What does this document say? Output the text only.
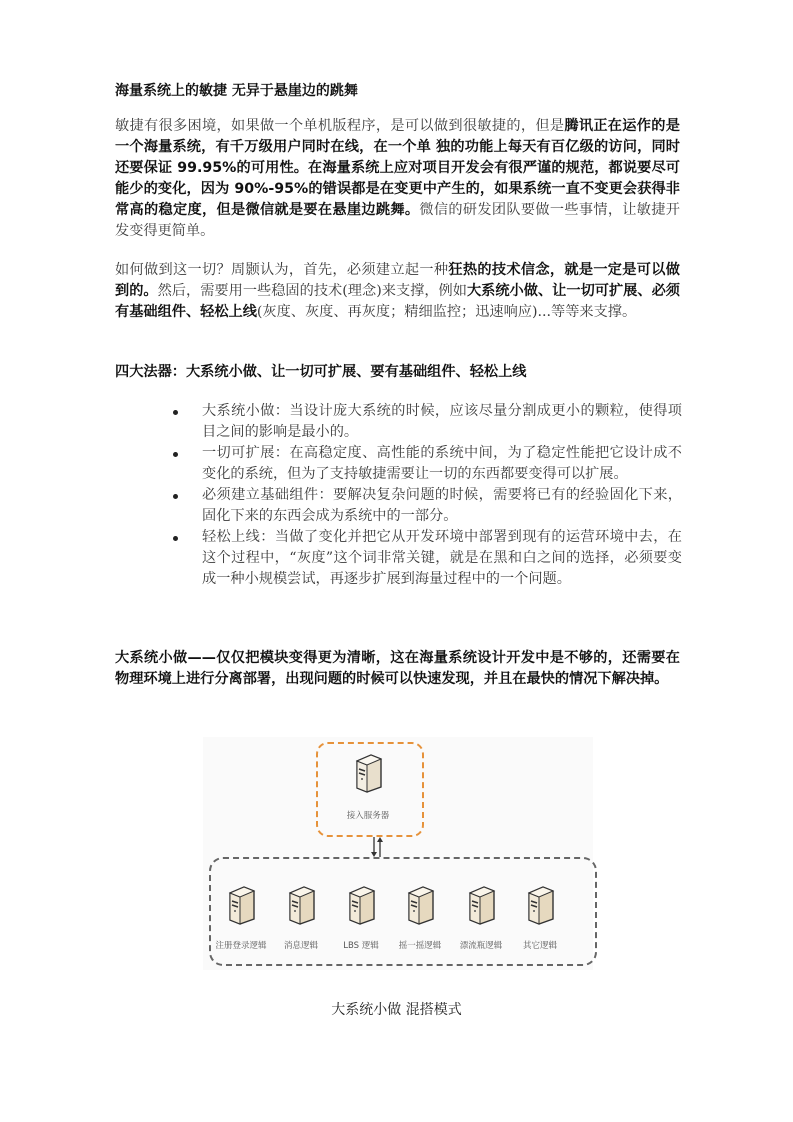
海量系统上的敏捷 无异于悬崖边的跳舞
敏捷有很多困境，如果做一个单机版程序，是可以做到很敏捷的，但是腾讯正在运作的是一个海量系统，有千万级用户同时在线，在一个单 独的功能上每天有百亿级的访问，同时还要保证 99.95%的可用性。在海量系统上应对项目开发会有很严谨的规范，都说要尽可能少的变化，因为 90%-95%的错误都是在变更中产生的，如果系统一直不变更会获得非常高的稳定度，但是微信就是要在悬崖边跳舞。微信的研发团队要做一些事情，让敏捷开发变得更简单。
如何做到这一切？周颢认为，首先，必须建立起一种狂热的技术信念，就是一定是可以做到的。然后，需要用一些稳固的技术(理念)来支撑，例如大系统小做、让一切可扩展、必须有基础组件、轻松上线(灰度、灰度、再灰度；精细监控；迅速响应)...等等来支撑。
四大法器：大系统小做、让一切可扩展、要有基础组件、轻松上线
大系统小做：当设计庞大系统的时候，应该尽量分割成更小的颗粒，使得项目之间的影响是最小的。
一切可扩展：在高稳定度、高性能的系统中间，为了稳定性能把它设计成不变化的系统，但为了支持敏捷需要让一切的东西都要变得可以扩展。
必须建立基础组件：要解决复杂问题的时候，需要将已有的经验固化下来，固化下来的东西会成为系统中的一部分。
轻松上线：当做了变化并把它从开发环境中部署到现有的运营环境中去，在这个过程中，“灰度”这个词非常关键，就是在黑和白之间的选择，必须要变成一种小规模尝试，再逐步扩展到海量过程中的一个问题。
大系统小做——仅仅把模块变得更为清晰，这在海量系统设计开发中是不够的，还需要在物理环境上进行分离部署，出现问题的时候可以快速发现，并且在最快的情况下解决掉。
接入服务器
注册登录逻辑	消息逻辑	LBS 逻辑	摇一摇逻辑	漂流瓶逻辑	其它逻辑
大系统小做 混搭模式
